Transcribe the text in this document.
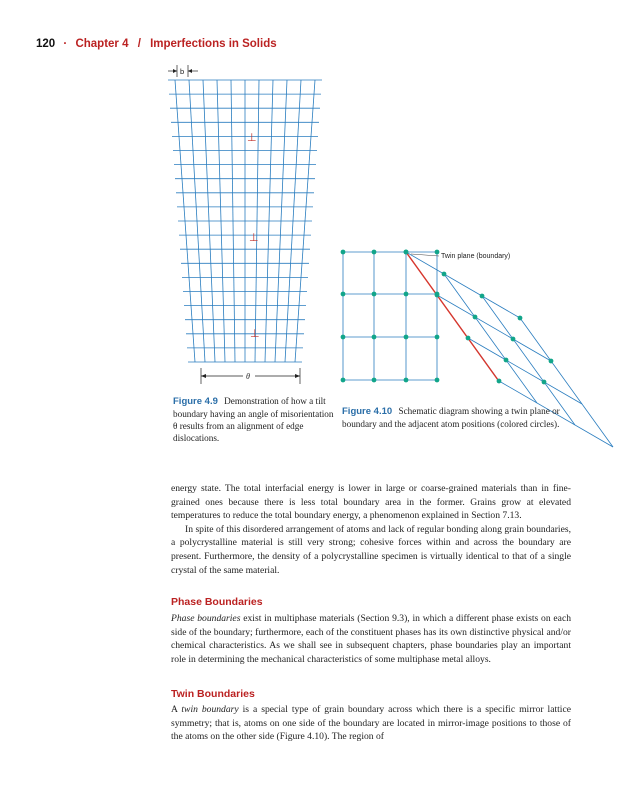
120 · Chapter 4 / Imperfections in Solids
b
⊥
⊥
⊥
θ
Twin plane (boundary)
Figure 4.9 Demonstration of how a tilt boundary having an angle of misorientation θ results from an alignment of edge dislocations.
Figure 4.10 Schematic diagram showing a twin plane or boundary and the adjacent atom positions (colored circles).

energy state. The total interfacial energy is lower in large or coarse-grained materials than in fine-grained ones because there is less total boundary area in the former. Grains grow at elevated temperatures to reduce the total boundary energy, a phenomenon explained in Section 7.13.

In spite of this disordered arrangement of atoms and lack of regular bonding along grain boundaries, a polycrystalline material is still very strong; cohesive forces within and across the boundary are present. Furthermore, the density of a polycrystalline specimen is virtually identical to that of a single crystal of the same material.

Phase Boundaries

Phase boundaries exist in multiphase materials (Section 9.3), in which a different phase exists on each side of the boundary; furthermore, each of the constituent phases has its own distinctive physical and/or chemical characteristics. As we shall see in subsequent chapters, phase boundaries play an important role in determining the mechanical characteristics of some multiphase metal alloys.

Twin Boundaries

A twin boundary is a special type of grain boundary across which there is a specific mirror lattice symmetry; that is, atoms on one side of the boundary are located in mirror-image positions to those of the atoms on the other side (Figure 4.10). The region of
